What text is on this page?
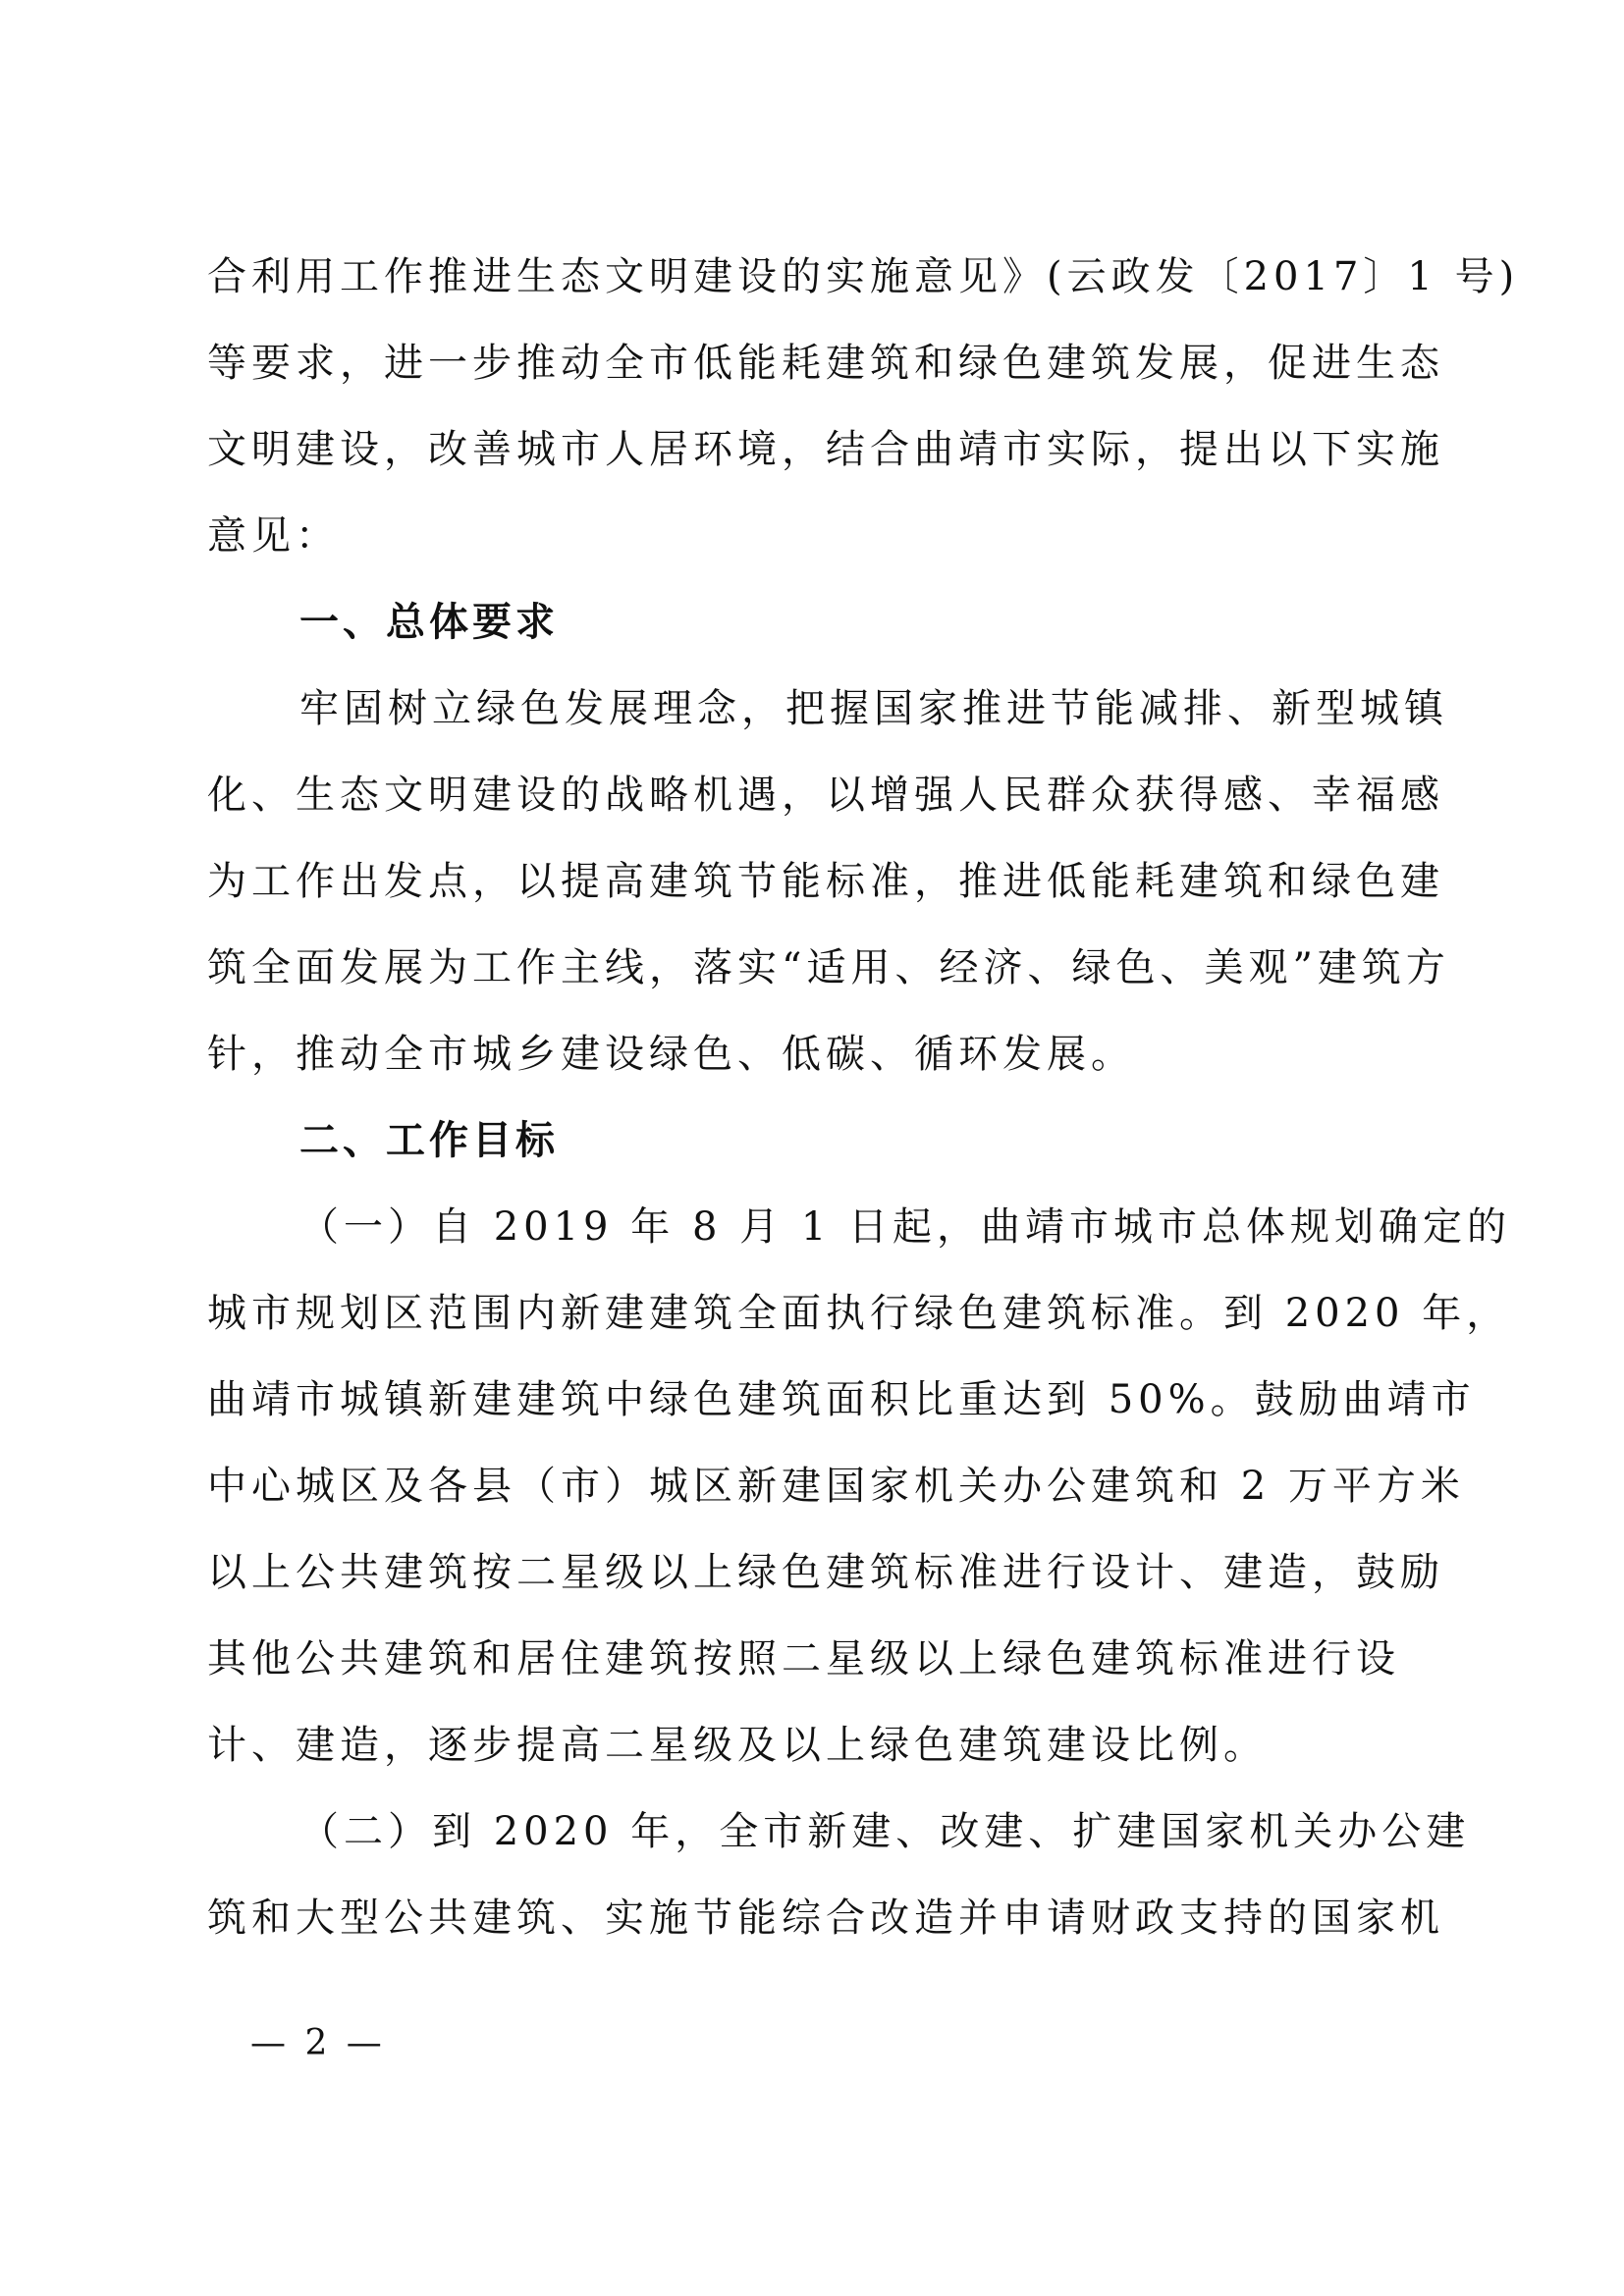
合利用工作推进生态文明建设的实施意见》(云政发〔2017〕1 号)
等要求，进一步推动全市低能耗建筑和绿色建筑发展，促进生态
文明建设，改善城市人居环境，结合曲靖市实际，提出以下实施
意见：
一、总体要求
牢固树立绿色发展理念，把握国家推进节能减排、新型城镇
化、生态文明建设的战略机遇，以增强人民群众获得感、幸福感
为工作出发点，以提高建筑节能标准，推进低能耗建筑和绿色建
筑全面发展为工作主线，落实“适用、经济、绿色、美观”建筑方
针，推动全市城乡建设绿色、低碳、循环发展。
二、工作目标
（一）自 2019 年 8 月 1 日起，曲靖市城市总体规划确定的
城市规划区范围内新建建筑全面执行绿色建筑标准。到 2020 年，
曲靖市城镇新建建筑中绿色建筑面积比重达到 50%。鼓励曲靖市
中心城区及各县（市）城区新建国家机关办公建筑和 2 万平方米
以上公共建筑按二星级以上绿色建筑标准进行设计、建造，鼓励
其他公共建筑和居住建筑按照二星级以上绿色建筑标准进行设
计、建造，逐步提高二星级及以上绿色建筑建设比例。
（二）到 2020 年，全市新建、改建、扩建国家机关办公建
筑和大型公共建筑、实施节能综合改造并申请财政支持的国家机
— 2 —
